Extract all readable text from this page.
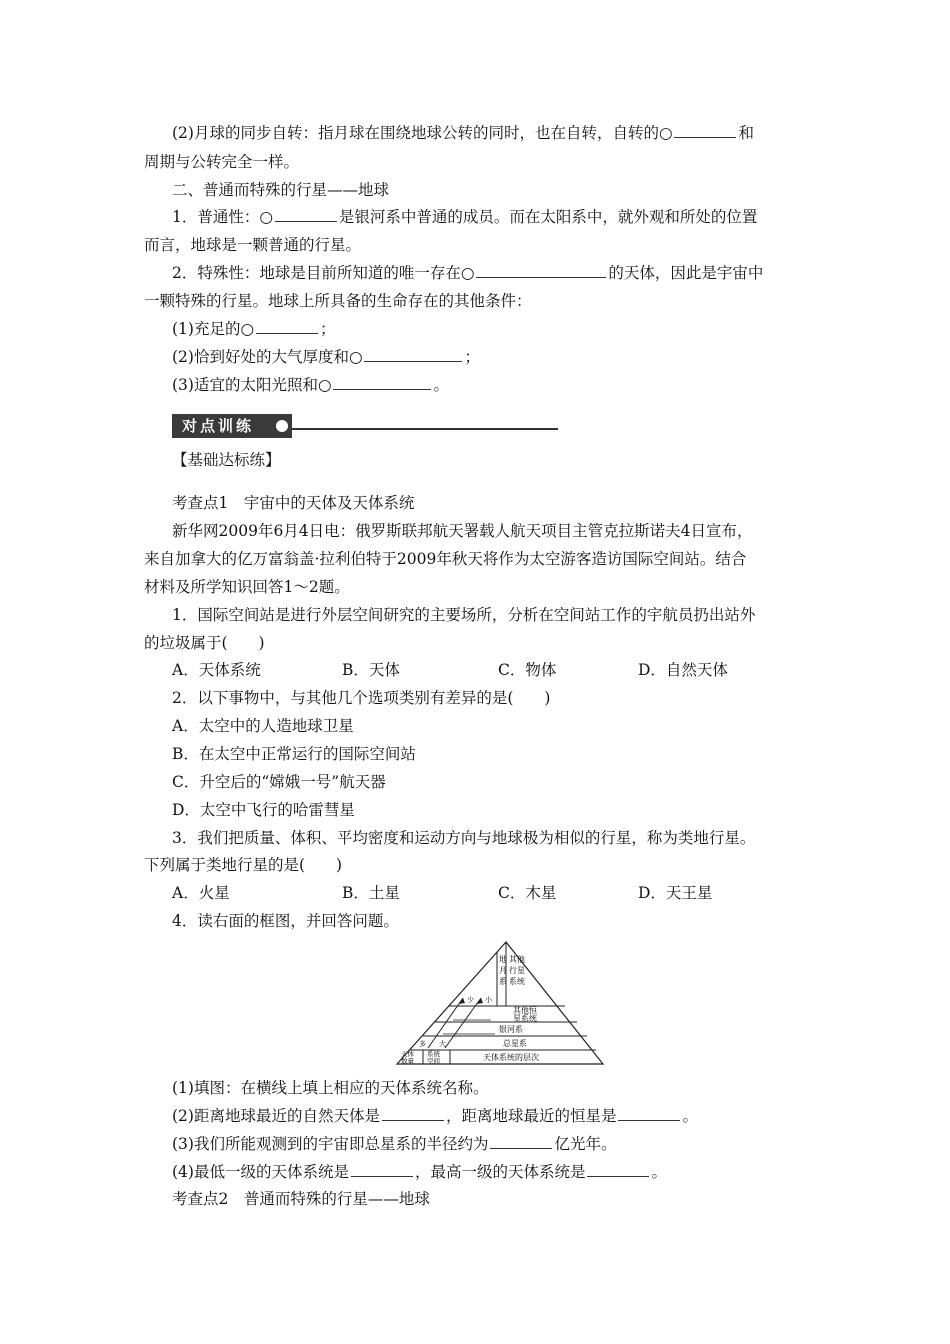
(2)月球的同步自转：指月球在围绕地球公转的同时，也在自转，自转的○	和
周期与公转完全一样。
二、普通而特殊的行星——地球
1．普通性：○	是银河系中普通的成员。而在太阳系中，就外观和所处的位置
而言，地球是一颗普通的行星。
2．特殊性：地球是目前所知道的唯一存在○	的天体，因此是宇宙中
一颗特殊的行星。地球上所具备的生命存在的其他条件：
(1)充足的○	；
(2)恰到好处的大气厚度和○	；
(3)适宜的太阳光照和○	。
对点训练
【基础达标练】
考查点1　宇宙中的天体及天体系统
新华网2009年6月4日电：俄罗斯联邦航天署载人航天项目主管克拉斯诺夫4日宣布，
来自加拿大的亿万富翁盖·拉利伯特于2009年秋天将作为太空游客造访国际空间站。结合
材料及所学知识回答1～2题。
1．国际空间站是进行外层空间研究的主要场所，分析在空间站工作的宇航员扔出站外
的垃圾属于(　　)
A．天体系统	B．天体	C．物体	D．自然天体
2．以下事物中，与其他几个选项类别有差异的是(　　)
A．太空中的人造地球卫星
B．在太空中正常运行的国际空间站
C．升空后的“嫦娥一号”航天器
D．太空中飞行的哈雷彗星
3．我们把质量、体积、平均密度和运动方向与地球极为相似的行星，称为类地行星。
下列属于类地行星的是(　　)
A．火星	B．土星	C．木星	D．天王星
4．读右面的框图，并回答问题。
地
月
系
其他
行星
系统
其他恒
星系统
银河系
总星系
天体系统的层次
少 小
多 大
天体
数量
系统
空间
(1)填图：在横线上填上相应的天体系统名称。
(2)距离地球最近的自然天体是	，距离地球最近的恒星是	。
(3)我们所能观测到的宇宙即总星系的半径约为	亿光年。
(4)最低一级的天体系统是	，最高一级的天体系统是	。
考查点2　普通而特殊的行星——地球
